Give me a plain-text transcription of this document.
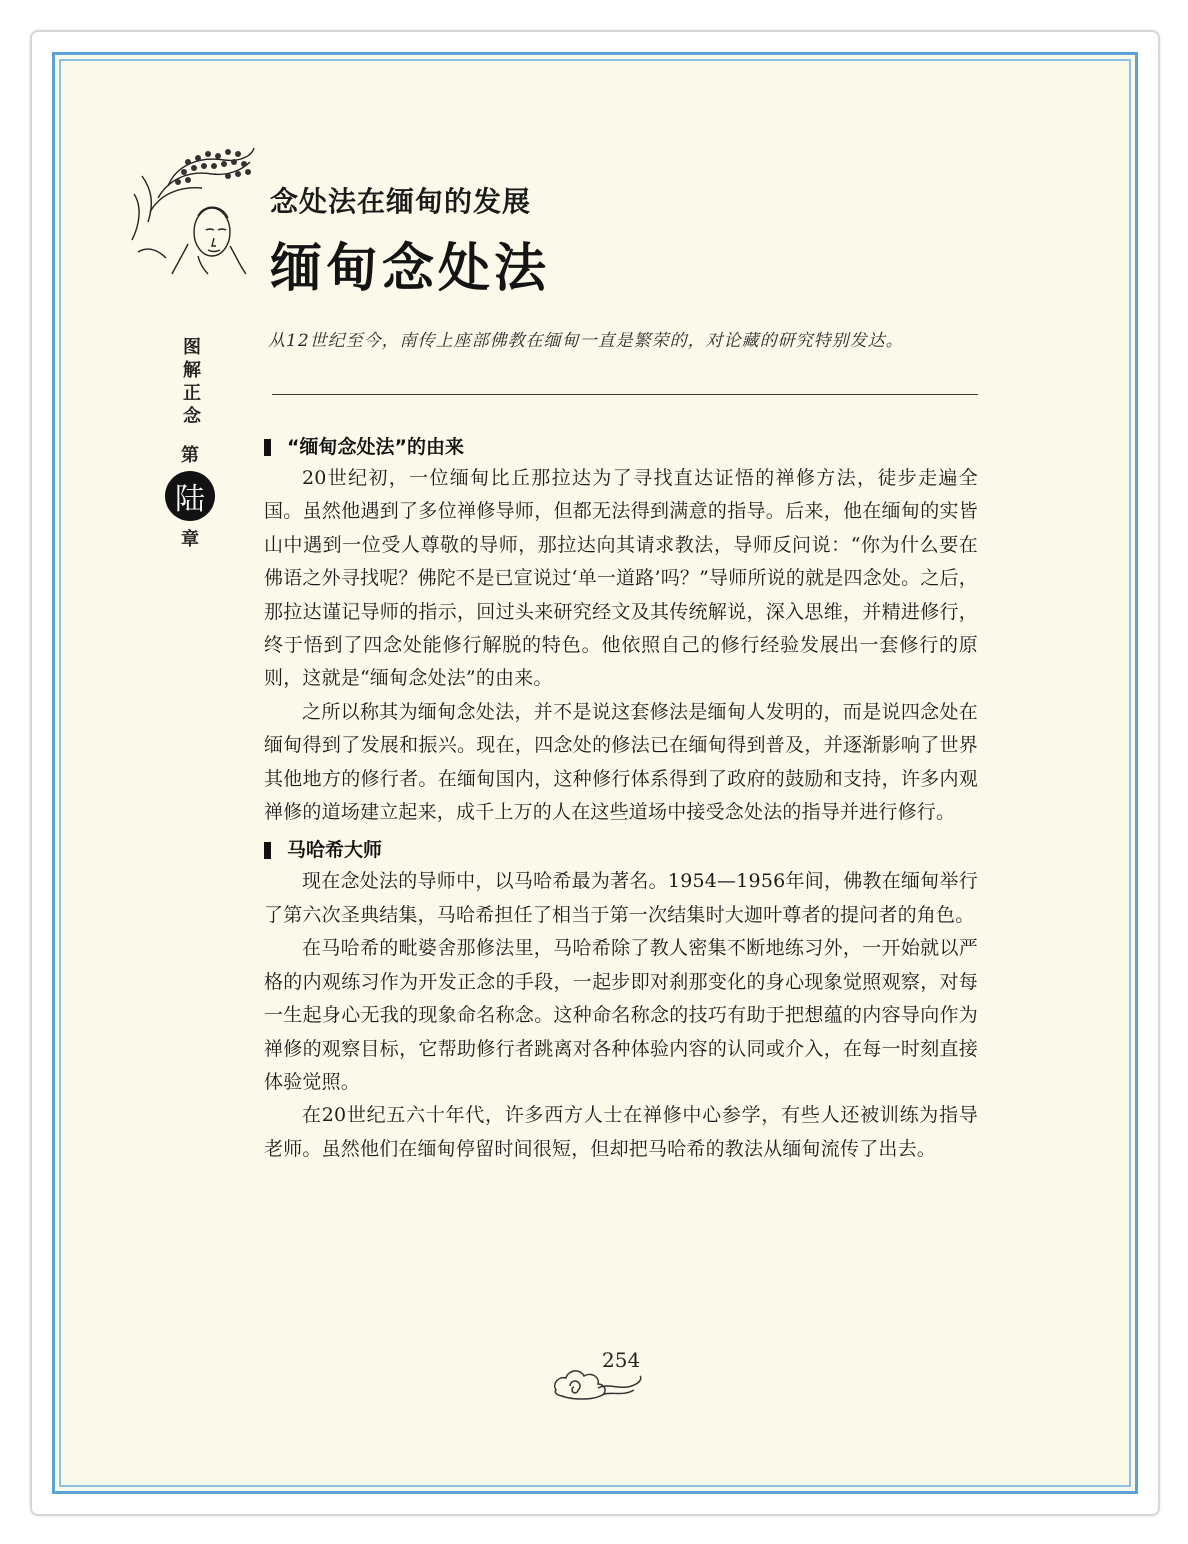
念处法在缅甸的发展
缅甸念处法
图解正念
第
陆
章
从12世纪至今，南传上座部佛教在缅甸一直是繁荣的，对论藏的研究特别发达。
“缅甸念处法”的由来

20世纪初，一位缅甸比丘那拉达为了寻找直达证悟的禅修方法，徒步走遍全国。虽然他遇到了多位禅修导师，但都无法得到满意的指导。后来，他在缅甸的实皆山中遇到一位受人尊敬的导师，那拉达向其请求教法，导师反问说：“你为什么要在佛语之外寻找呢？佛陀不是已宣说过‘单一道路’吗？”导师所说的就是四念处。之后，那拉达谨记导师的指示，回过头来研究经文及其传统解说，深入思维，并精进修行，终于悟到了四念处能修行解脱的特色。他依照自己的修行经验发展出一套修行的原则，这就是“缅甸念处法”的由来。

之所以称其为缅甸念处法，并不是说这套修法是缅甸人发明的，而是说四念处在缅甸得到了发展和振兴。现在，四念处的修法已在缅甸得到普及，并逐渐影响了世界其他地方的修行者。在缅甸国内，这种修行体系得到了政府的鼓励和支持，许多内观禅修的道场建立起来，成千上万的人在这些道场中接受念处法的指导并进行修行。

马哈希大师

现在念处法的导师中，以马哈希最为著名。1954—1956年间，佛教在缅甸举行了第六次圣典结集，马哈希担任了相当于第一次结集时大迦叶尊者的提问者的角色。

在马哈希的毗婆舍那修法里，马哈希除了教人密集不断地练习外，一开始就以严格的内观练习作为开发正念的手段，一起步即对刹那变化的身心现象觉照观察，对每一生起身心无我的现象命名称念。这种命名称念的技巧有助于把想蕴的内容导向作为禅修的观察目标，它帮助修行者跳离对各种体验内容的认同或介入，在每一时刻直接体验觉照。

在20世纪五六十年代，许多西方人士在禅修中心参学，有些人还被训练为指导老师。虽然他们在缅甸停留时间很短，但却把马哈希的教法从缅甸流传了出去。

254
